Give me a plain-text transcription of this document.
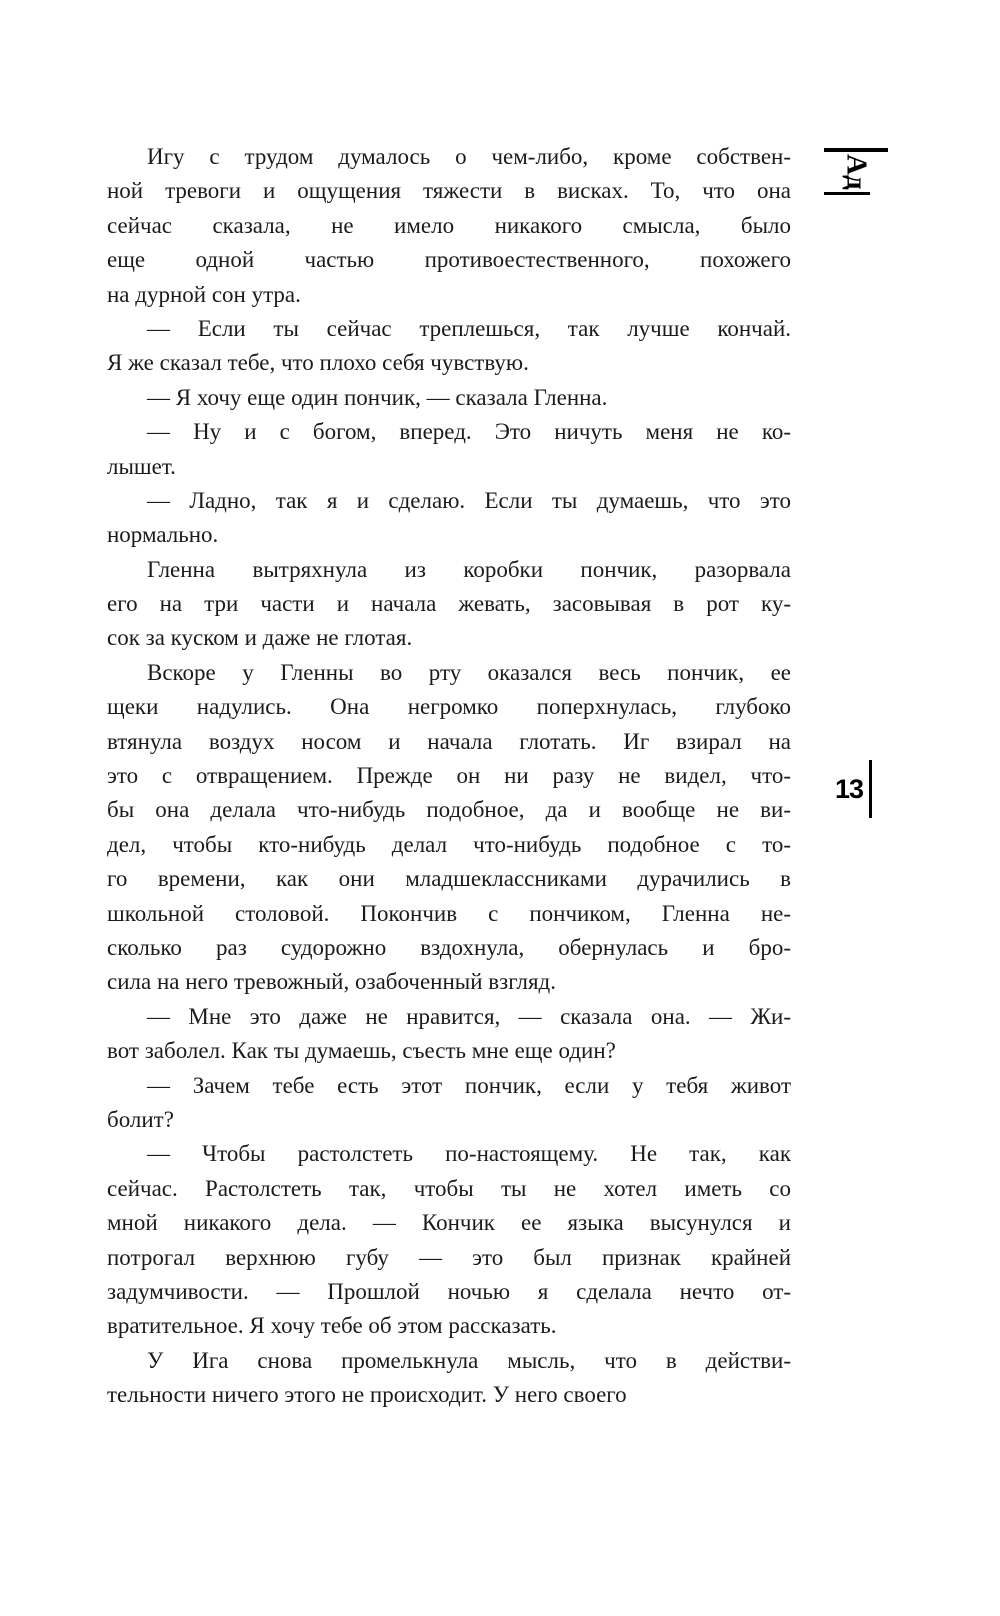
Ад
13
Игу с трудом думалось о чем-либо, кроме собствен-
ной тревоги и ощущения тяжести в висках. То, что она
сейчас сказала, не имело никакого смысла, было
еще одной частью противоестественного, похожего
на дурной сон утра.
— Если ты сейчас треплешься, так лучше кончай.
Я же сказал тебе, что плохо себя чувствую.
— Я хочу еще один пончик, — сказала Гленна.
— Ну и с богом, вперед. Это ничуть меня не ко-
лышет.
— Ладно, так я и сделаю. Если ты думаешь, что это
нормально.
Гленна вытряхнула из коробки пончик, разорвала
его на три части и начала жевать, засовывая в рот ку-
сок за куском и даже не глотая.
Вскоре у Гленны во рту оказался весь пончик, ее
щеки надулись. Она негромко поперхнулась, глубоко
втянула воздух носом и начала глотать. Иг взирал на
это с отвращением. Прежде он ни разу не видел, что-
бы она делала что-нибудь подобное, да и вообще не ви-
дел, чтобы кто-нибудь делал что-нибудь подобное с то-
го времени, как они младшеклассниками дурачились в
школьной столовой. Покончив с пончиком, Гленна не-
сколько раз судорожно вздохнула, обернулась и бро-
сила на него тревожный, озабоченный взгляд.
— Мне это даже не нравится, — сказала она. — Жи-
вот заболел. Как ты думаешь, съесть мне еще один?
— Зачем тебе есть этот пончик, если у тебя живот
болит?
— Чтобы растолстеть по-настоящему. Не так, как
сейчас. Растолстеть так, чтобы ты не хотел иметь со
мной никакого дела. — Кончик ее языка высунулся и
потрогал верхнюю губу — это был признак крайней
задумчивости. — Прошлой ночью я сделала нечто от-
вратительное. Я хочу тебе об этом рассказать.
У Ига снова промелькнула мысль, что в действи-
тельности ничего этого не происходит. У него своего
